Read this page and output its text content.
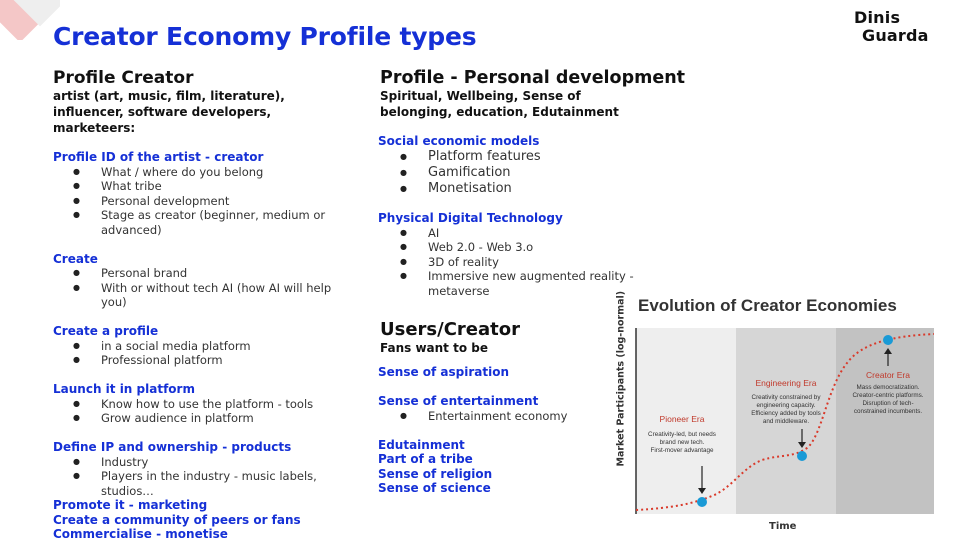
Creator Economy Profile types
Dinis
Guarda
Profile Creator
artist (art, music, film, literature), influencer, software developers, marketeers:
Profile ID of the artist - creator
● What / where do you belong
● What tribe
● Personal development
● Stage as creator (beginner, medium or advanced)
Create
● Personal brand
● With or without tech AI (how AI will help you)
Create a profile
● in a social media platform
● Professional platform
Launch it in platform
● Know how to use the platform - tools
● Grow audience in platform
Define IP and ownership - products
● Industry
● Players in the industry - music labels, studios…
Promote it - marketing
Create a community of peers or fans
Commercialise - monetise
Profile - Personal development
Spiritual, Wellbeing, Sense of belonging, education, Edutainment
Social economic models
● Platform features
● Gamification
● Monetisation
Physical Digital Technology
● AI
● Web 2.0 - Web 3.o
● 3D of reality
● Immersive new augmented reality - metaverse
Users/Creator
Fans want to be
Sense of aspiration
Sense of entertainment
● Entertainment economy
Edutainment
Part of a tribe
Sense of religion
Sense of science
Evolution of Creator Economies
Market Participants (log-normal)
Time
Pioneer Era
Creativity-led, but needs
brand new tech.
First-mover advantage
Engineering Era
Creativity constrained by
engineering capacity.
Efficiency added by tools
and middleware.
Creator Era
Mass democratization.
Creator-centric platforms.
Disruption of tech-
constrained incumbents.
